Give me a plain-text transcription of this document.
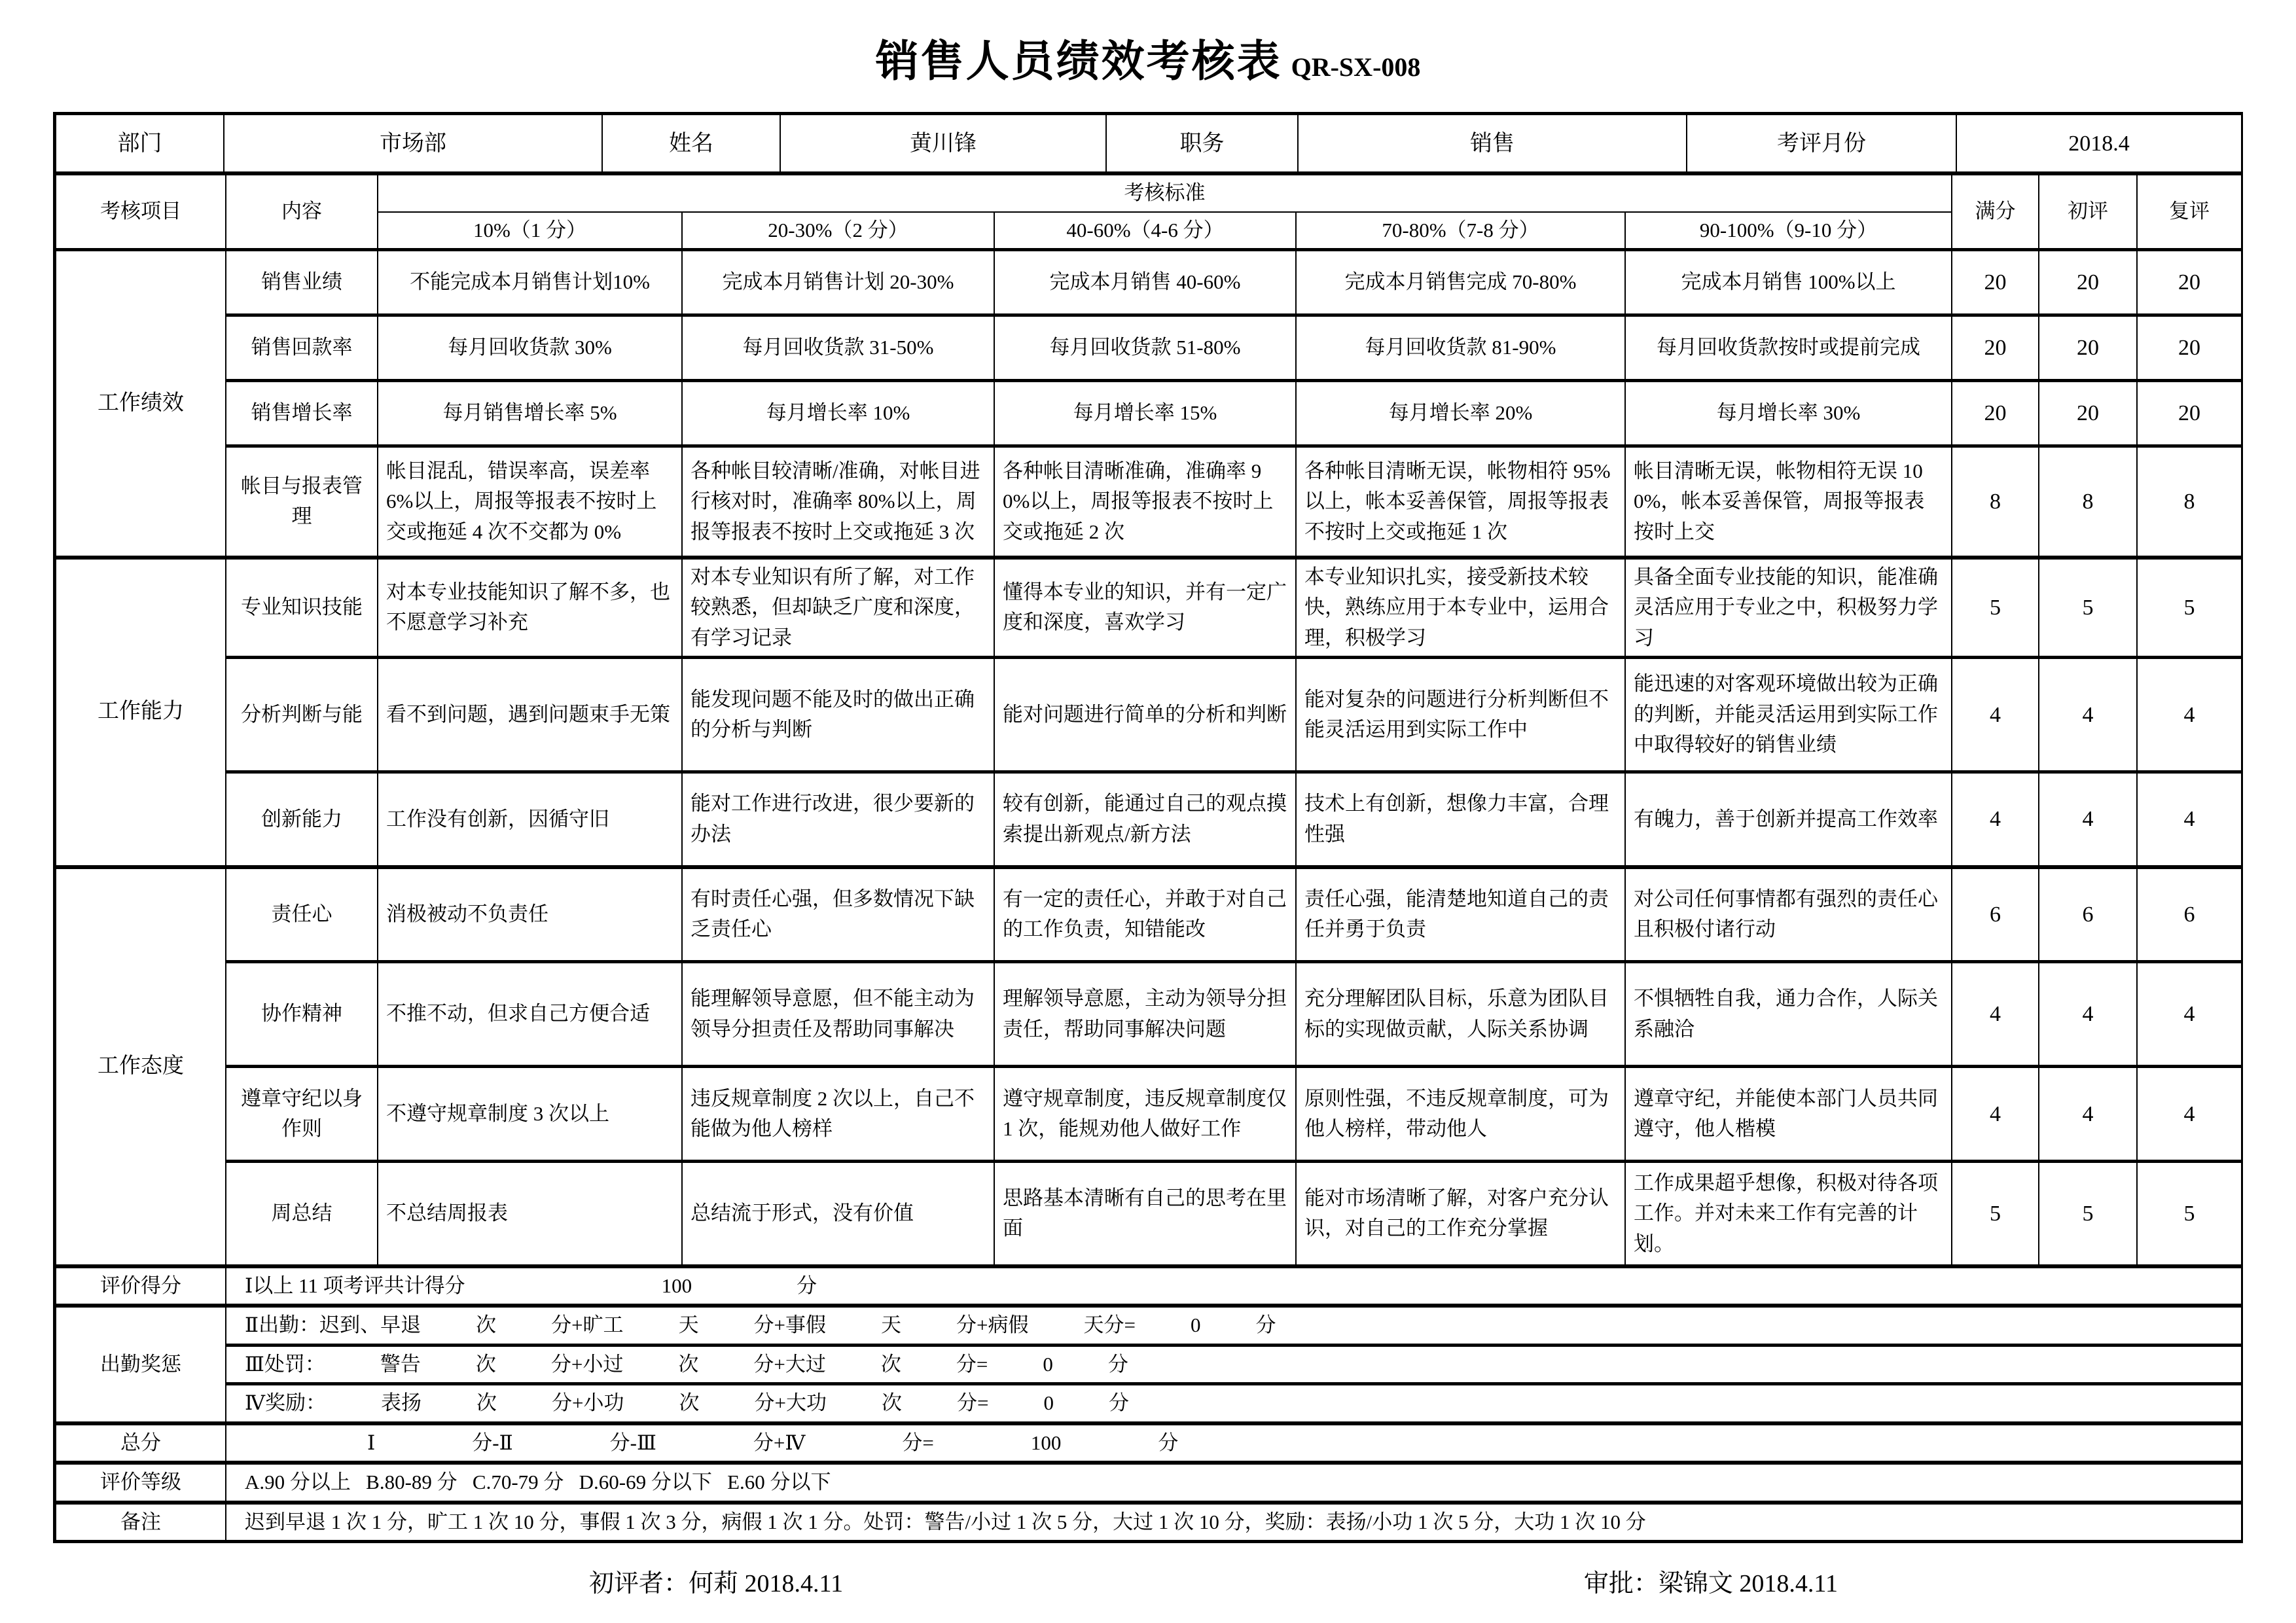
销售人员绩效考核表 QR-SX-008
部门	市场部	姓名	黄川锋	职务	销售	考评月份	2018.4
考核项目	内容	考核标准					满分	初评	复评
		10%（1 分）	20-30%（2 分）	40-60%（4-6 分）	70-80%（7-8 分）	90-100%（9-10 分）			
工作绩效	销售业绩	不能完成本月销售计划10%	完成本月销售计划 20-30%	完成本月销售 40-60%	完成本月销售完成 70-80%	完成本月销售 100%以上	20	20	20
	销售回款率	每月回收货款 30%	每月回收货款 31-50%	每月回收货款 51-80%	每月回收货款 81-90%	每月回收货款按时或提前完成	20	20	20
	销售增长率	每月销售增长率 5%	每月增长率 10%	每月增长率 15%	每月增长率 20%	每月增长率 30%	20	20	20
	帐目与报表管理	帐目混乱，错误率高，误差率 6%以上，周报等报表不按时上交或拖延 4 次不交都为 0%	各种帐目较清晰/准确，对帐目进行核对时，准确率 80%以上，周报等报表不按时上交或拖延 3 次	各种帐目清晰准确，准确率 90%以上，周报等报表不按时上交或拖延 2 次	各种帐目清晰无误，帐物相符 95%以上，帐本妥善保管，周报等报表不按时上交或拖延 1 次	帐目清晰无误，帐物相符无误 100%，帐本妥善保管，周报等报表按时上交	8	8	8
工作能力	专业知识技能	对本专业技能知识了解不多，也不愿意学习补充	对本专业知识有所了解，对工作较熟悉，但却缺乏广度和深度，有学习记录	懂得本专业的知识，并有一定广度和深度，喜欢学习	本专业知识扎实，接受新技术较快，熟练应用于本专业中，运用合理，积极学习	具备全面专业技能的知识，能准确灵活应用于专业之中，积极努力学习	5	5	5
	分析判断与能	看不到问题，遇到问题束手无策	能发现问题不能及时的做出正确的分析与判断	能对问题进行简单的分析和判断	能对复杂的问题进行分析判断但不能灵活运用到实际工作中	能迅速的对客观环境做出较为正确的判断，并能灵活运用到实际工作中取得较好的销售业绩	4	4	4
	创新能力	工作没有创新，因循守旧	能对工作进行改进，很少要新的办法	较有创新，能通过自己的观点摸索提出新观点/新方法	技术上有创新，想像力丰富，合理性强	有魄力，善于创新并提高工作效率	4	4	4
工作态度	责任心	消极被动不负责任	有时责任心强，但多数情况下缺乏责任心	有一定的责任心，并敢于对自己的工作负责，知错能改	责任心强，能清楚地知道自己的责任并勇于负责	对公司任何事情都有强烈的责任心且积极付诸行动	6	6	6
	协作精神	不推不动，但求自己方便合适	能理解领导意愿，但不能主动为领导分担责任及帮助同事解决	理解领导意愿，主动为领导分担责任，帮助同事解决问题	充分理解团队目标，乐意为团队目标的实现做贡献，人际关系协调	不惧牺牲自我，通力合作，人际关系融洽	4	4	4
	遵章守纪以身作则	不遵守规章制度 3 次以上	违反规章制度 2 次以上，自己不能做为他人榜样	遵守规章制度，违反规章制度仅 1 次，能规劝他人做好工作	原则性强，不违反规章制度，可为他人榜样，带动他人	遵章守纪，并能使本部门人员共同遵守，他人楷模	4	4	4
	周总结	不总结周报表	总结流于形式，没有价值	思路基本清晰有自己的思考在里面	能对市场清晰了解，对客户充分认识，对自己的工作充分掌握	工作成果超乎想像，积极对待各项工作。并对未来工作有完善的计划。	5	5	5
评价得分	Ⅰ以上 11 项考评共计得分 100 分								
出勤奖惩	Ⅱ出勤：迟到、早退 次 分+旷工 天 分+事假 天 分+病假 天分= 0 分								
	Ⅲ处罚： 警告 次 分+小过 次 分+大过 次 分= 0 分								
	Ⅳ奖励： 表扬 次 分+小功 次 分+大功 次 分= 0 分								
总分	Ⅰ 分-Ⅱ 分-Ⅲ 分+Ⅳ 分= 100 分								
评价等级	A.90 分以上   B.80-89 分   C.70-79 分   D.60-69 分以下   E.60 分以下								
备注	迟到早退 1 次 1 分，旷工 1 次 10 分，事假 1 次 3 分，病假 1 次 1 分。处罚：警告/小过 1 次 5 分，大过 1 次 10 分，奖励：表扬/小功 1 次 5 分，大功 1 次 10 分								
初评者：何莉 2018.4.11	审批：梁锦文 2018.4.11
